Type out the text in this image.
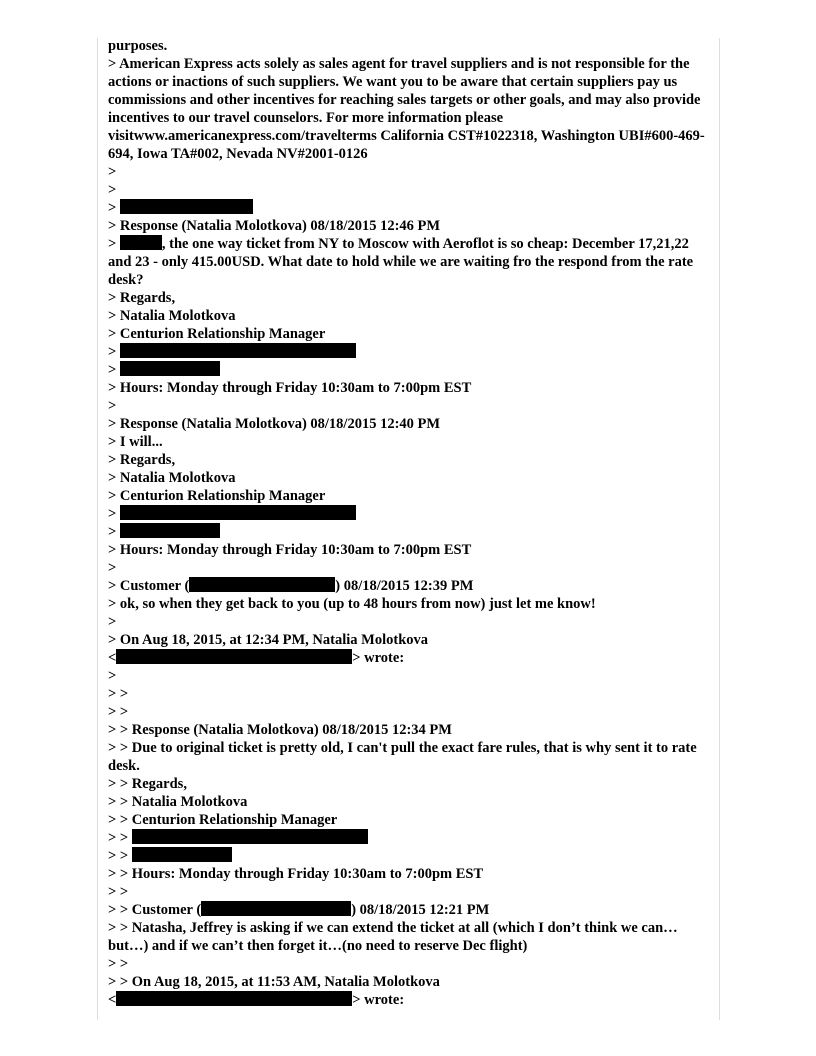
purposes.
> American Express acts solely as sales agent for travel suppliers and is not responsible for the actions or inactions of such suppliers. We want you to be aware that certain suppliers pay us commissions and other incentives for reaching sales targets or other goals, and may also provide incentives to our travel counselors. For more information please visitwww.americanexpress.com/travelterms California CST#1022318, Washington UBI#600-469-694, Iowa TA#002, Nevada NV#2001-0126
>
>
>
> Response (Natalia Molotkova) 08/18/2015 12:46 PM
>	, the one way ticket from NY to Moscow with Aeroflot is so cheap: December 17,21,22 and 23 - only 415.00USD. What date to hold while we are waiting fro the respond from the rate desk?
> Regards,
> Natalia Molotkova
> Centurion Relationship Manager
>
>
> Hours: Monday through Friday 10:30am to 7:00pm EST
>
> Response (Natalia Molotkova) 08/18/2015 12:40 PM
> I will...
> Regards,
> Natalia Molotkova
> Centurion Relationship Manager
>
>
> Hours: Monday through Friday 10:30am to 7:00pm EST
>
> Customer (	) 08/18/2015 12:39 PM
> ok, so when they get back to you (up to 48 hours from now) just let me know!
>
> On Aug 18, 2015, at 12:34 PM, Natalia Molotkova
<	> wrote:
>
> >
> >
> > Response (Natalia Molotkova) 08/18/2015 12:34 PM
> > Due to original ticket is pretty old, I can't pull the exact fare rules, that is why sent it to rate desk.
> > Regards,
> > Natalia Molotkova
> > Centurion Relationship Manager
> >
> >
> > Hours: Monday through Friday 10:30am to 7:00pm EST
> >
> > Customer (	) 08/18/2015 12:21 PM
> > Natasha, Jeffrey is asking if we can extend the ticket at all (which I don’t think we can…but…) and if we can’t then forget it…(no need to reserve Dec flight)
> >
> > On Aug 18, 2015, at 11:53 AM, Natalia Molotkova
<	> wrote:
